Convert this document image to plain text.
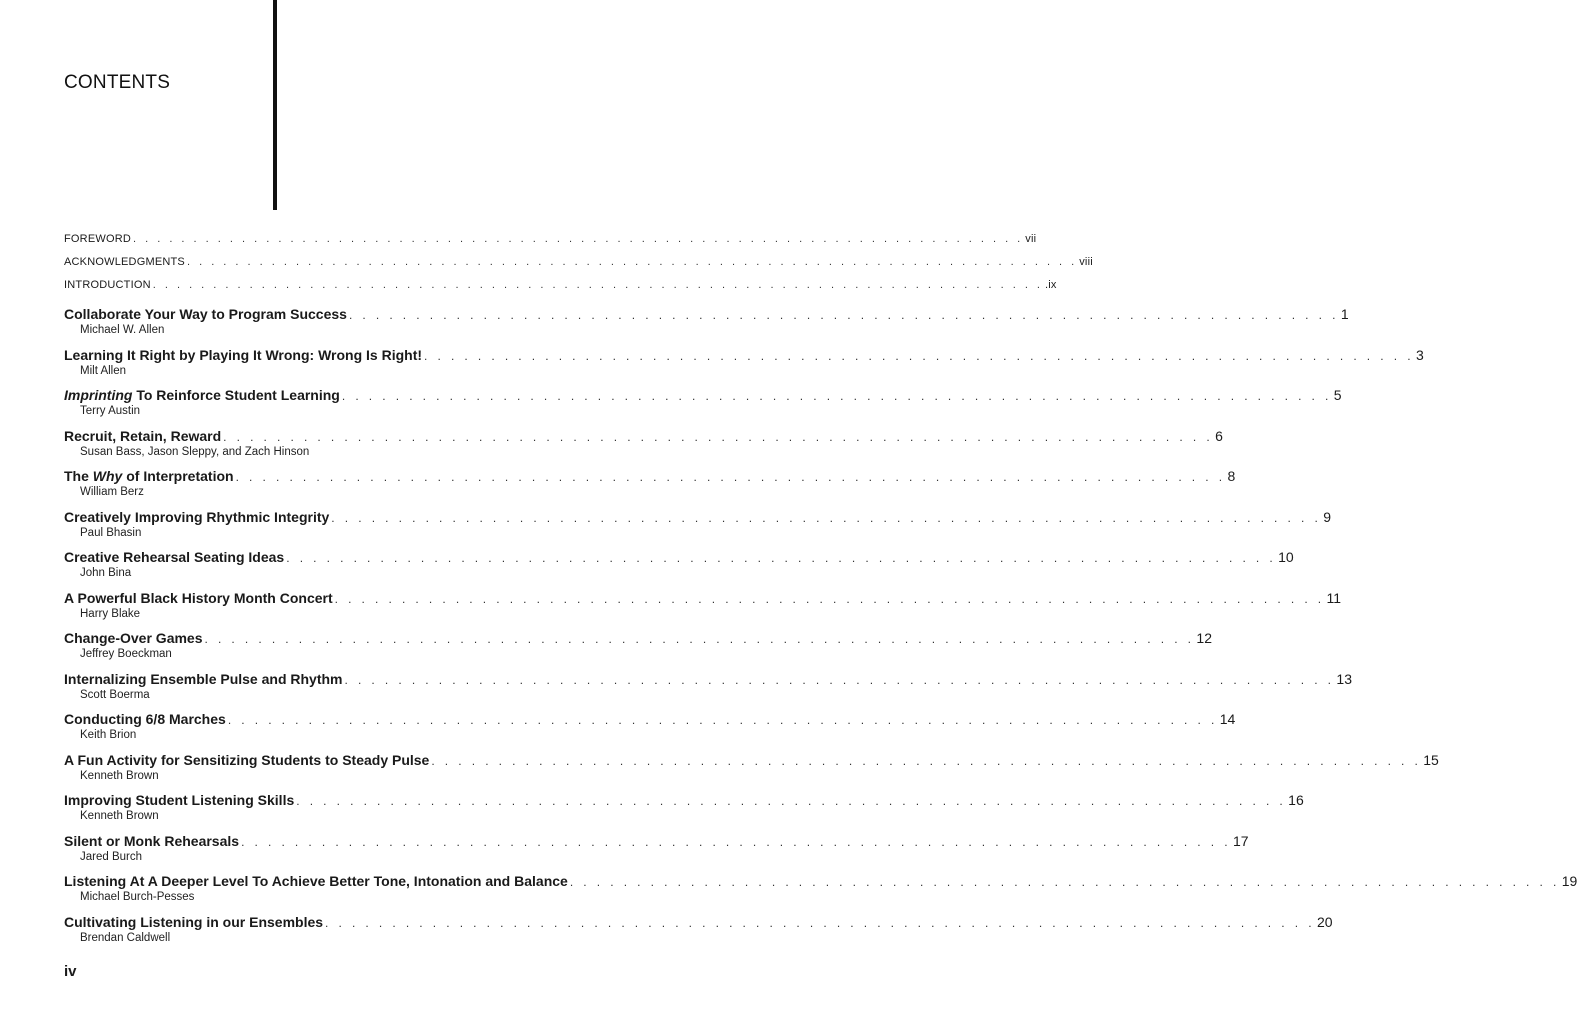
CONTENTS
FOREWORD . . . . . . . . . . . . . . . . . . . . . . . . . . . . . . . . . . . . . . . . . . . . . . . . . . . . . . . . . . . . . . . . . . . . . . . . . . vii
ACKNOWLEDGMENTS . . . . . . . . . . . . . . . . . . . . . . . . . . . . . . . . . . . . . . . . . . . . . . . . . . . . . . . . . . . . . . . . . . . . . . . . . . viii
INTRODUCTION . . . . . . . . . . . . . . . . . . . . . . . . . . . . . . . . . . . . . . . . . . . . . . . . . . . . . . . . . . . . . . . . . . . . . . . . . . .ix
Collaborate Your Way to Program Success . . . . . . . . . . . . . . . . . . . . . . . . . . . . . . . . . . . . . . . . . . . . . . . . . . . . . . . . . . . . . . . . . . . . . . . . . . 1
Michael W. Allen
Learning It Right by Playing It Wrong: Wrong Is Right! . . . . . . . . . . . . . . . . . . . . . . . . . . . . . . . . . . . . . . . . . . . . . . . . . . . . . . . . . . . . . . . . . . . . . . . . . . 3
Milt Allen
Imprinting To Reinforce Student Learning . . . . . . . . . . . . . . . . . . . . . . . . . . . . . . . . . . . . . . . . . . . . . . . . . . . . . . . . . . . . . . . . . . . . . . . . . . 5
Terry Austin
Recruit, Retain, Reward . . . . . . . . . . . . . . . . . . . . . . . . . . . . . . . . . . . . . . . . . . . . . . . . . . . . . . . . . . . . . . . . . . . . . . . . . . 6
Susan Bass, Jason Sleppy, and Zach Hinson
The Why of Interpretation . . . . . . . . . . . . . . . . . . . . . . . . . . . . . . . . . . . . . . . . . . . . . . . . . . . . . . . . . . . . . . . . . . . . . . . . . . 8
William Berz
Creatively Improving Rhythmic Integrity . . . . . . . . . . . . . . . . . . . . . . . . . . . . . . . . . . . . . . . . . . . . . . . . . . . . . . . . . . . . . . . . . . . . . . . . . . 9
Paul Bhasin
Creative Rehearsal Seating Ideas . . . . . . . . . . . . . . . . . . . . . . . . . . . . . . . . . . . . . . . . . . . . . . . . . . . . . . . . . . . . . . . . . . . . . . . . . . 10
John Bina
A Powerful Black History Month Concert . . . . . . . . . . . . . . . . . . . . . . . . . . . . . . . . . . . . . . . . . . . . . . . . . . . . . . . . . . . . . . . . . . . . . . . . . . 11
Harry Blake
Change-Over Games . . . . . . . . . . . . . . . . . . . . . . . . . . . . . . . . . . . . . . . . . . . . . . . . . . . . . . . . . . . . . . . . . . . . . . . . . . 12
Jeffrey Boeckman
Internalizing Ensemble Pulse and Rhythm . . . . . . . . . . . . . . . . . . . . . . . . . . . . . . . . . . . . . . . . . . . . . . . . . . . . . . . . . . . . . . . . . . . . . . . . . . 13
Scott Boerma
Conducting 6/8 Marches . . . . . . . . . . . . . . . . . . . . . . . . . . . . . . . . . . . . . . . . . . . . . . . . . . . . . . . . . . . . . . . . . . . . . . . . . . 14
Keith Brion
A Fun Activity for Sensitizing Students to Steady Pulse . . . . . . . . . . . . . . . . . . . . . . . . . . . . . . . . . . . . . . . . . . . . . . . . . . . . . . . . . . . . . . . . . . . . . . . . . . 15
Kenneth Brown
Improving Student Listening Skills . . . . . . . . . . . . . . . . . . . . . . . . . . . . . . . . . . . . . . . . . . . . . . . . . . . . . . . . . . . . . . . . . . . . . . . . . . 16
Kenneth Brown
Silent or Monk Rehearsals . . . . . . . . . . . . . . . . . . . . . . . . . . . . . . . . . . . . . . . . . . . . . . . . . . . . . . . . . . . . . . . . . . . . . . . . . . 17
Jared Burch
Listening At A Deeper Level To Achieve Better Tone, Intonation and Balance . . . . . . . . . . . . . . . . . . . . . . . . . . . . . . . . . . . . . . . . . . . . . . . . . . . . . . . . . . . . . . . . . . . . . . . . . . 19
Michael Burch-Pesses
Cultivating Listening in our Ensembles . . . . . . . . . . . . . . . . . . . . . . . . . . . . . . . . . . . . . . . . . . . . . . . . . . . . . . . . . . . . . . . . . . . . . . . . . . 20
Brendan Caldwell
iv
